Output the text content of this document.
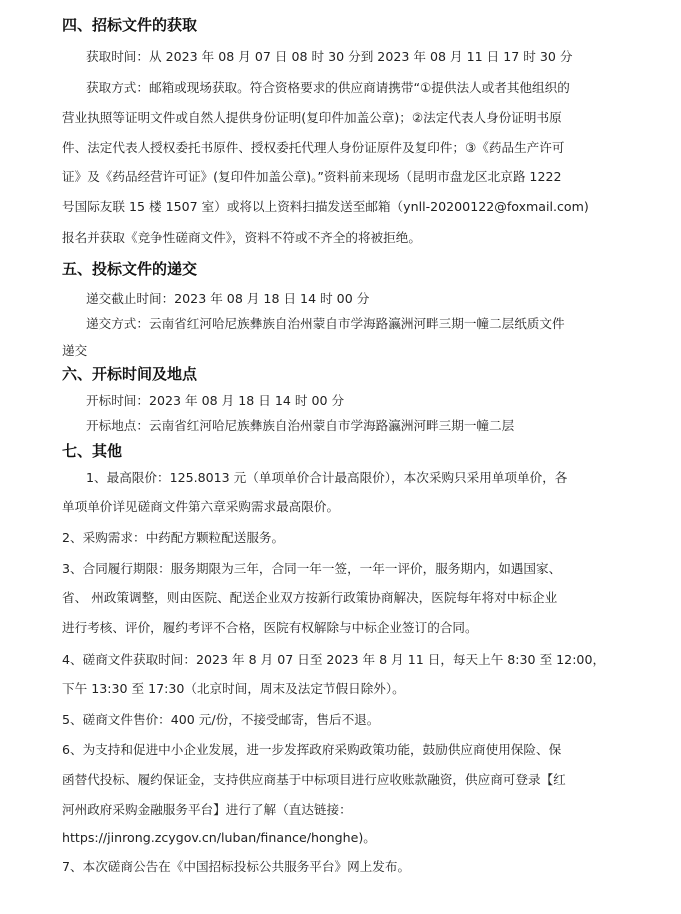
四、招标文件的获取
获取时间：从 2023 年 08 月 07 日 08 时 30 分到 2023 年 08 月 11 日 17 时 30 分
获取方式：邮箱或现场获取。符合资格要求的供应商请携带“①提供法人或者其他组织的
营业执照等证明文件或自然人提供身份证明(复印件加盖公章)；②法定代表人身份证明书原
件、法定代表人授权委托书原件、授权委托代理人身份证原件及复印件；③《药品生产许可
证》及《药品经营许可证》(复印件加盖公章)。”资料前来现场（昆明市盘龙区北京路 1222
号国际友联 15 楼 1507 室）或将以上资料扫描发送至邮箱（ynll-20200122@foxmail.com)
报名并获取《竞争性磋商文件》，资料不符或不齐全的将被拒绝。
五、投标文件的递交
递交截止时间：2023 年 08 月 18 日 14 时 00 分
递交方式：云南省红河哈尼族彝族自治州蒙自市学海路瀛洲河畔三期一幢二层纸质文件
递交
六、开标时间及地点
开标时间：2023 年 08 月 18 日 14 时 00 分
开标地点：云南省红河哈尼族彝族自治州蒙自市学海路瀛洲河畔三期一幢二层
七、其他
1、最高限价：125.8013 元（单项单价合计最高限价），本次采购只采用单项单价，各
单项单价详见磋商文件第六章采购需求最高限价。
2、采购需求：中药配方颗粒配送服务。
3、合同履行期限：服务期限为三年，合同一年一签，一年一评价，服务期内，如遇国家、
省、 州政策调整，则由医院、配送企业双方按新行政策协商解决，医院每年将对中标企业
进行考核、评价，履约考评不合格，医院有权解除与中标企业签订的合同。
4、磋商文件获取时间：2023 年 8 月 07 日至 2023 年 8 月 11 日，每天上午 8:30 至 12:00，
下午 13:30 至 17:30（北京时间，周末及法定节假日除外）。
5、磋商文件售价：400 元/份，不接受邮寄，售后不退。
6、为支持和促进中小企业发展，进一步发挥政府采购政策功能，鼓励供应商使用保险、保
函替代投标、履约保证金，支持供应商基于中标项目进行应收账款融资，供应商可登录【红
河州政府采购金融服务平台】进行了解（直达链接：
https://jinrong.zcygov.cn/luban/finance/honghe)。
7、本次磋商公告在《中国招标投标公共服务平台》网上发布。
